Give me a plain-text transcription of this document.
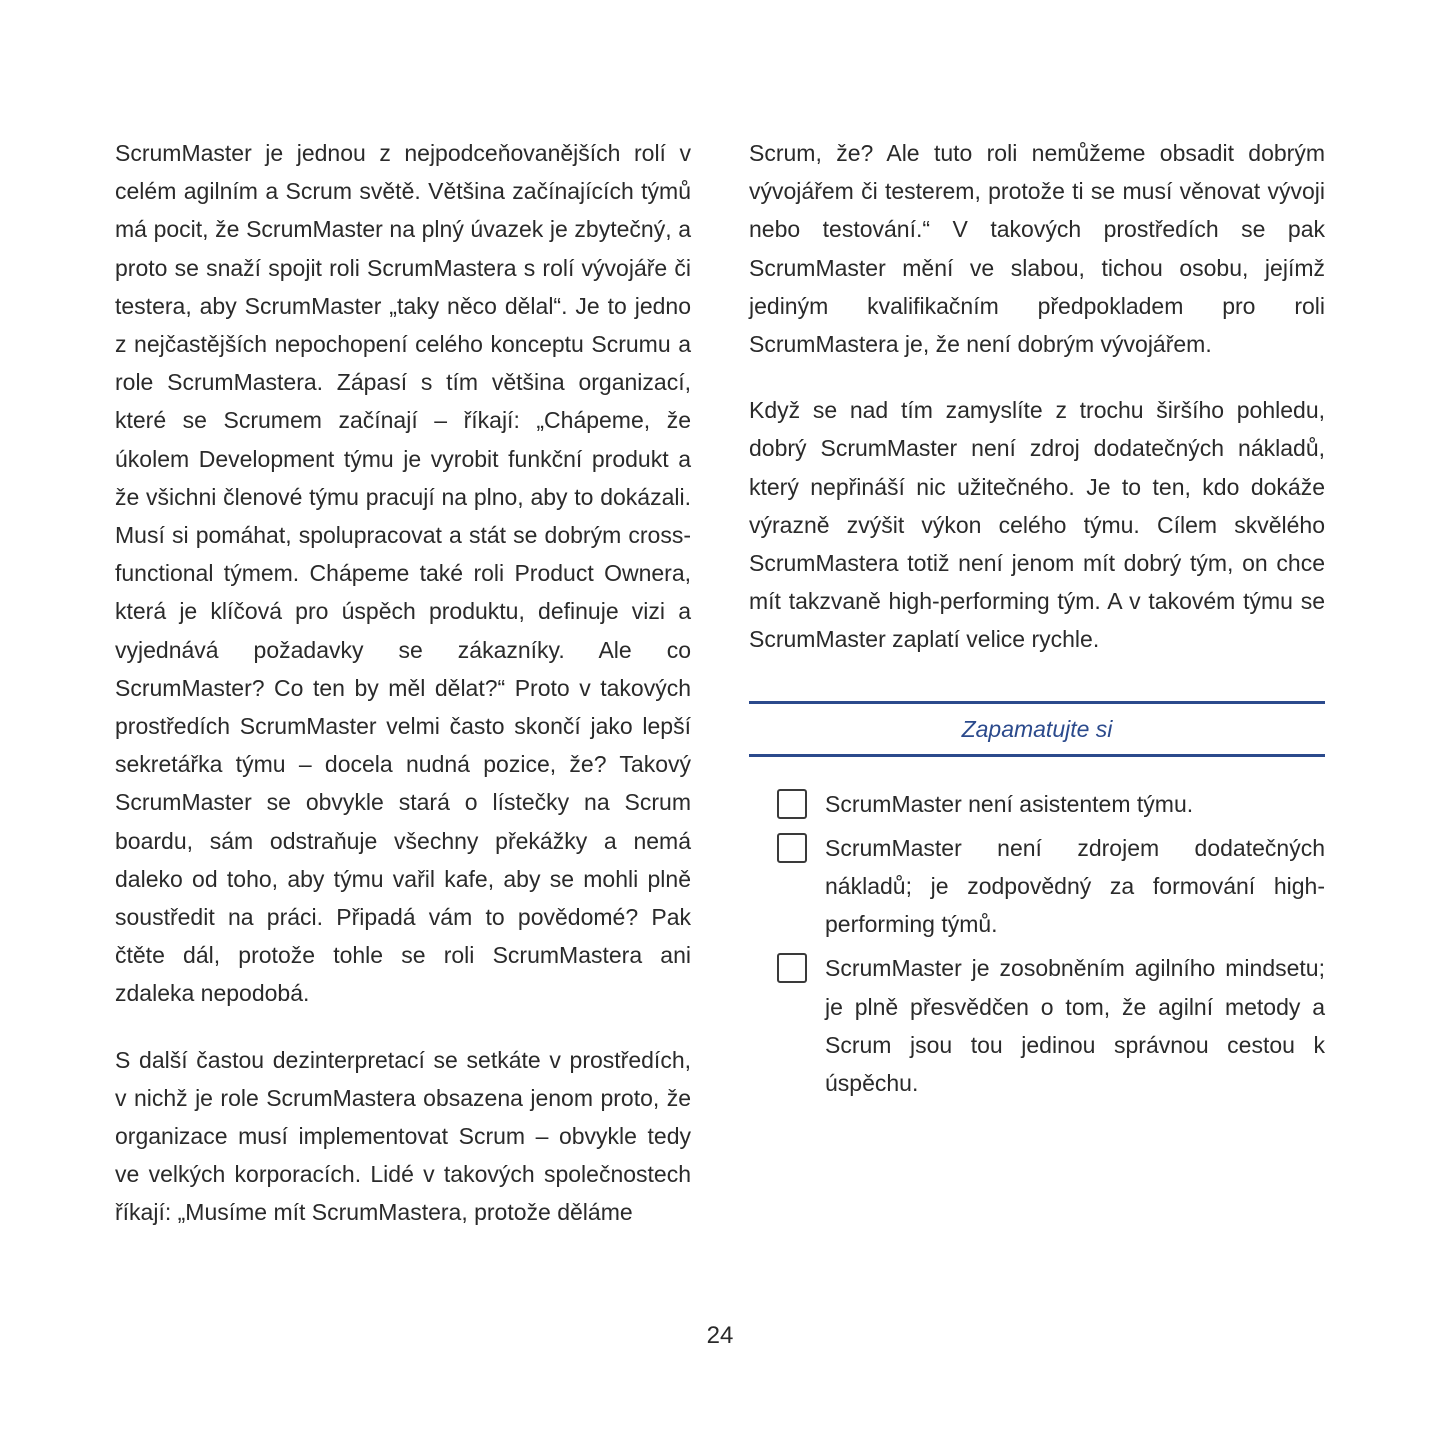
ScrumMaster je jednou z nejpodceňovanějších rolí v celém agilním a Scrum světě. Většina začínajících týmů má pocit, že ScrumMaster na plný úvazek je zbytečný, a proto se snaží spojit roli ScrumMastera s rolí vývojáře či testera, aby ScrumMaster „taky něco dělal“. Je to jedno z nejčastějších nepochopení celého konceptu Scrumu a role ScrumMastera. Zápasí s tím většina organizací, které se Scrumem začínají – říkají: „Chápeme, že úkolem Development týmu je vyrobit funkční produkt a že všichni členové týmu pracují na plno, aby to dokázali. Musí si pomáhat, spolupracovat a stát se dobrým cross-functional týmem. Chápeme také roli Product Ownera, která je klíčová pro úspěch produktu, definuje vizi a vyjednává požadavky se zákazníky. Ale co ScrumMaster? Co ten by měl dělat?“ Proto v takových prostředích ScrumMaster velmi často skončí jako lepší sekretářka týmu – docela nudná pozice, že? Takový ScrumMaster se obvykle stará o lístečky na Scrum boardu, sám odstraňuje všechny překážky a nemá daleko od toho, aby týmu vařil kafe, aby se mohli plně soustředit na práci. Připadá vám to povědomé? Pak čtěte dál, protože tohle se roli ScrumMastera ani zdaleka nepodobá.

S další častou dezinterpretací se setkáte v prostředích, v nichž je role ScrumMastera obsazena jenom proto, že organizace musí implementovat Scrum – obvykle tedy ve velkých korporacích. Lidé v takových společnostech říkají: „Musíme mít ScrumMastera, protože děláme

Scrum, že? Ale tuto roli nemůžeme obsadit dobrým vývojářem či testerem, protože ti se musí věnovat vývoji nebo testování.“ V takových prostředích se pak ScrumMaster mění ve slabou, tichou osobu, jejímž jediným kvalifikačním předpokladem pro roli ScrumMastera je, že není dobrým vývojářem.

Když se nad tím zamyslíte z trochu širšího pohledu, dobrý ScrumMaster není zdroj dodatečných nákladů, který nepřináší nic užitečného. Je to ten, kdo dokáže výrazně zvýšit výkon celého týmu. Cílem skvělého ScrumMastera totiž není jenom mít dobrý tým, on chce mít takzvaně high-performing tým. A v takovém týmu se ScrumMaster zaplatí velice rychle.

Zapamatujte si
ScrumMaster není asistentem týmu.
ScrumMaster není zdrojem dodatečných nákladů; je zodpovědný za formování high-performing týmů.
ScrumMaster je zosobněním agilního mindsetu; je plně přesvědčen o tom, že agilní metody a Scrum jsou tou jedinou správnou cestou k úspěchu.
24
